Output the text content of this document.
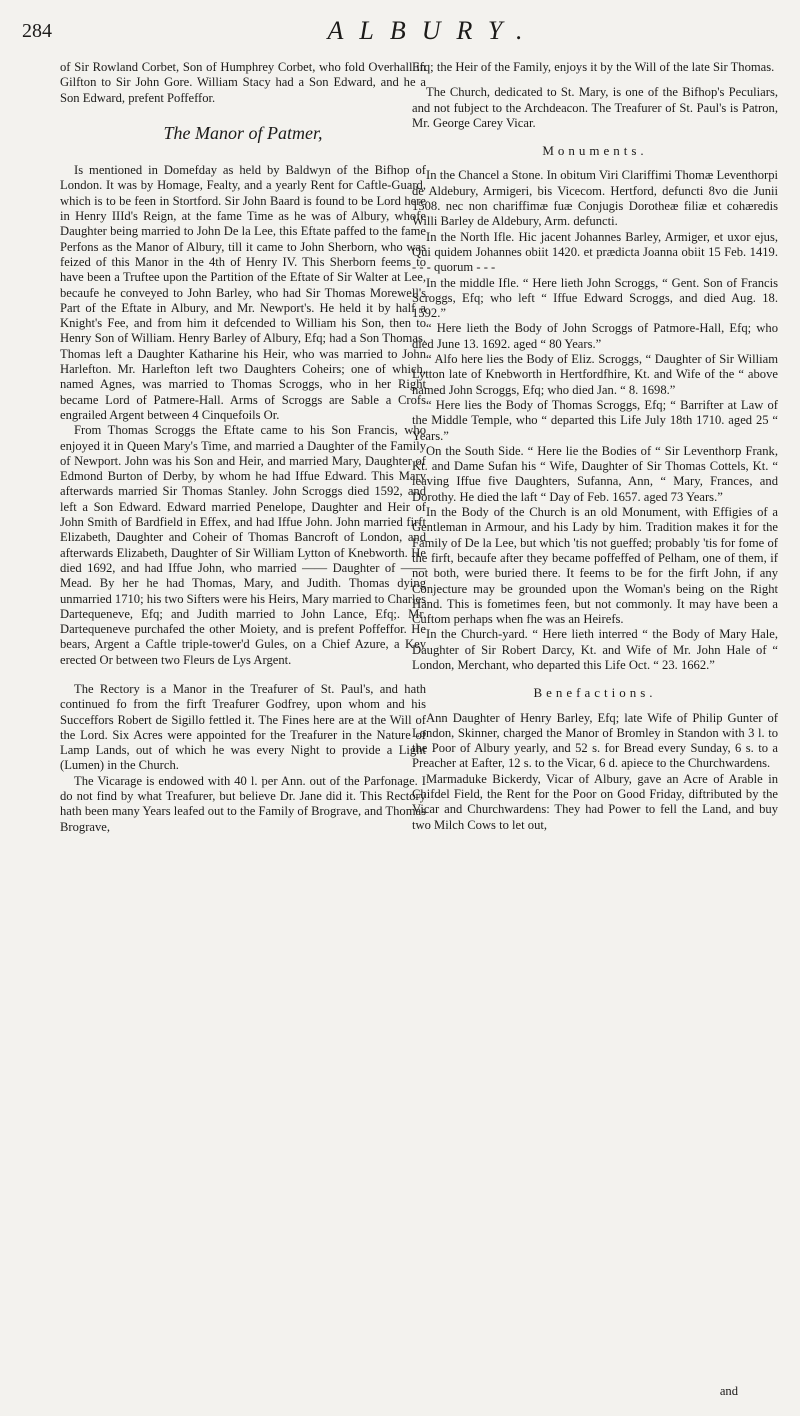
284	ALBURY.

of Sir Rowland Corbet, Son of Humphrey Corbet, who fold Overhall in Gilfton to Sir John Gore. William Stacy had a Son Edward, and he a Son Edward, prefent Poffeffor.

The Manor of Patmer,

Is mentioned in Domefday as held by Baldwyn of the Bifhop of London. It was by Homage, Fealty, and a yearly Rent for Caftle-Guard, which is to be feen in Stortford. Sir John Baard is found to be Lord here in Henry IIId's Reign, at the fame Time as he was of Albury, whofe Daughter being married to John De la Lee, this Eftate paffed to the fame Perfons as the Manor of Albury, till it came to John Sherborn, who was feized of this Manor in the 4th of Henry IV. This Sherborn feems to have been a Truftee upon the Partition of the Eftate of Sir Walter at Lee, becaufe he conveyed to John Barley, who had Sir Thomas Morewell's Part of the Eftate in Albury, and Mr. Newport's. He held it by half a Knight's Fee, and from him it defcended to William his Son, then to Henry Son of William. Henry Barley of Albury, Efq; had a Son Thomas. Thomas left a Daughter Katharine his Heir, who was married to John Harlefton. Mr. Harlefton left two Daughters Coheirs; one of which, named Agnes, was married to Thomas Scroggs, who in her Right became Lord of Patmere-Hall. Arms of Scroggs are Sable a Crofs engrailed Argent between 4 Cinquefoils Or.

From Thomas Scroggs the Eftate came to his Son Francis, who enjoyed it in Queen Mary's Time, and married a Daughter of the Family of Newport. John was his Son and Heir, and married Mary, Daughter of Edmond Burton of Derby, by whom he had Iffue Edward. This Mary afterwards married Sir Thomas Stanley. John Scroggs died 1592, and left a Son Edward. Edward married Penelope, Daughter and Heir of John Smith of Bardfield in Effex, and had Iffue John. John married firft Elizabeth, Daughter and Coheir of Thomas Bancroft of London, and afterwards Elizabeth, Daughter of Sir William Lytton of Knebworth. He died 1692, and had Iffue John, who married —— Daughter of —— Mead. By her he had Thomas, Mary, and Judith. Thomas dying unmarried 1710; his two Sifters were his Heirs, Mary married to Charles Dartequeneve, Efq; and Judith married to John Lance, Efq;. Mr. Dartequeneve purchafed the other Moiety, and is prefent Poffeffor. He bears, Argent a Caftle triple-tower'd Gules, on a Chief Azure, a Key erected Or between two Fleurs de Lys Argent.

The Rectory is a Manor in the Treafurer of St. Paul's, and hath continued fo from the firft Treafurer Godfrey, upon whom and his Succeffors Robert de Sigillo fettled it. The Fines here are at the Will of the Lord. Six Acres were appointed for the Treafurer in the Nature of Lamp Lands, out of which he was every Night to provide a Light (Lumen) in the Church.

The Vicarage is endowed with 40 l. per Ann. out of the Parfonage. I do not find by what Treafurer, but believe Dr. Jane did it. This Rectory hath been many Years leafed out to the Family of Brograve, and Thomas Brograve,

Efq; the Heir of the Family, enjoys it by the Will of the late Sir Thomas.

The Church, dedicated to St. Mary, is one of the Bifhop's Peculiars, and not fubject to the Archdeacon. The Treafurer of St. Paul's is Patron, Mr. George Carey Vicar.

Monuments.

In the Chancel a Stone. In obitum Viri Clariffimi Thomæ Leventhorpi de Aldebury, Armigeri, bis Vicecom. Hertford, defuncti 8vo die Junii 1508. nec non chariffimæ fuæ Conjugis Dorotheæ filiæ et cohæredis Willi Barley de Aldebury, Arm. defuncti.

In the North Ifle. Hic jacent Johannes Barley, Armiger, et uxor ejus, Qui quidem Johannes obiit 1420. et prædicta Joanna obiit 15 Feb. 1419. - - - quorum - - -

In the middle Ifle. “ Here lieth John Scroggs, “ Gent. Son of Francis Scroggs, Efq; who left “ Iffue Edward Scroggs, and died Aug. 18. 1592.”

“ Here lieth the Body of John Scroggs of Patmore-Hall, Efq; who died June 13. 1692. aged “ 80 Years.”

“ Alfo here lies the Body of Eliz. Scroggs, “ Daughter of Sir William Lytton late of Knebworth in Hertfordfhire, Kt. and Wife of the “ above named John Scroggs, Efq; who died Jan. “ 8. 1698.”

“ Here lies the Body of Thomas Scroggs, Efq; “ Barrifter at Law of the Middle Temple, who “ departed this Life July 18th 1710. aged 25 “ Years.”

On the South Side. “ Here lie the Bodies of “ Sir Leventhorp Frank, Kt. and Dame Sufan his “ Wife, Daughter of Sir Thomas Cottels, Kt. “ leaving Iffue five Daughters, Sufanna, Ann, “ Mary, Frances, and Dorothy. He died the laft “ Day of Feb. 1657. aged 73 Years.”

In the Body of the Church is an old Monument, with Effigies of a Gentleman in Armour, and his Lady by him. Tradition makes it for the Family of De la Lee, but which 'tis not gueffed; probably 'tis for fome of the firft, becaufe after they became poffeffed of Pelham, one of them, if not both, were buried there. It feems to be for the firft John, if any Conjecture may be grounded upon the Woman's being on the Right Hand. This is fometimes feen, but not commonly. It may have been a Cuftom perhaps when fhe was an Heirefs.

In the Church-yard. “ Here lieth interred “ the Body of Mary Hale, Daughter of Sir Robert Darcy, Kt. and Wife of Mr. John Hale of “ London, Merchant, who departed this Life Oct. “ 23. 1662.”

Benefactions.

Ann Daughter of Henry Barley, Efq; late Wife of Philip Gunter of London, Skinner, charged the Manor of Bromley in Standon with 3 l. to the Poor of Albury yearly, and 52 s. for Bread every Sunday, 6 s. to a Preacher at Eafter, 12 s. to the Vicar, 6 d. apiece to the Churchwardens.

Marmaduke Bickerdy, Vicar of Albury, gave an Acre of Arable in Chifdel Field, the Rent for the Poor on Good Friday, diftributed by the Vicar and Churchwardens: They had Power to fell the Land, and buy two Milch Cows to let out,

and
